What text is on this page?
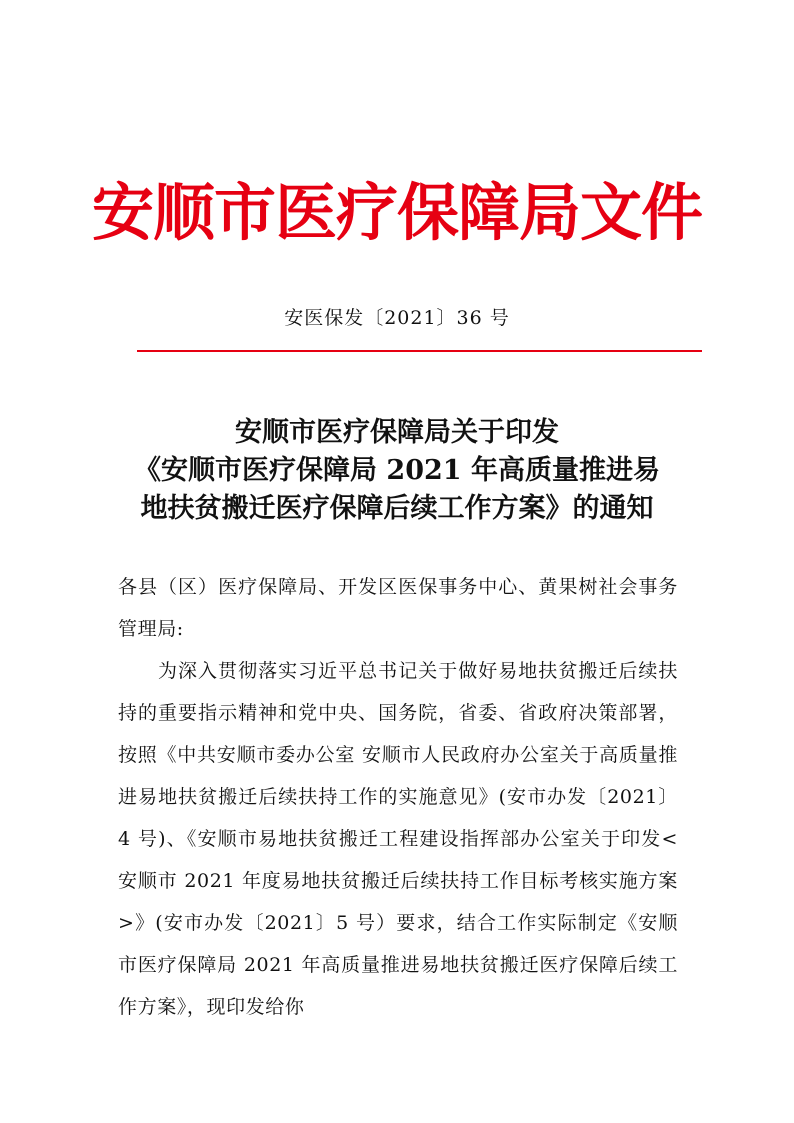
安顺市医疗保障局文件
安医保发〔2021〕36 号
安顺市医疗保障局关于印发
《安顺市医疗保障局 2021 年高质量推进易
地扶贫搬迁医疗保障后续工作方案》的通知

各县（区）医疗保障局、开发区医保事务中心、黄果树社会事务管理局:

为深入贯彻落实习近平总书记关于做好易地扶贫搬迁后续扶持的重要指示精神和党中央、国务院，省委、省政府决策部署，按照《中共安顺市委办公室 安顺市人民政府办公室关于高质量推进易地扶贫搬迁后续扶持工作的实施意见》(安市办发〔2021〕4 号)、《安顺市易地扶贫搬迁工程建设指挥部办公室关于印发<安顺市 2021 年度易地扶贫搬迁后续扶持工作目标考核实施方案>》(安市办发〔2021〕5 号）要求，结合工作实际制定《安顺市医疗保障局 2021 年高质量推进易地扶贫搬迁医疗保障后续工作方案》，现印发给你
